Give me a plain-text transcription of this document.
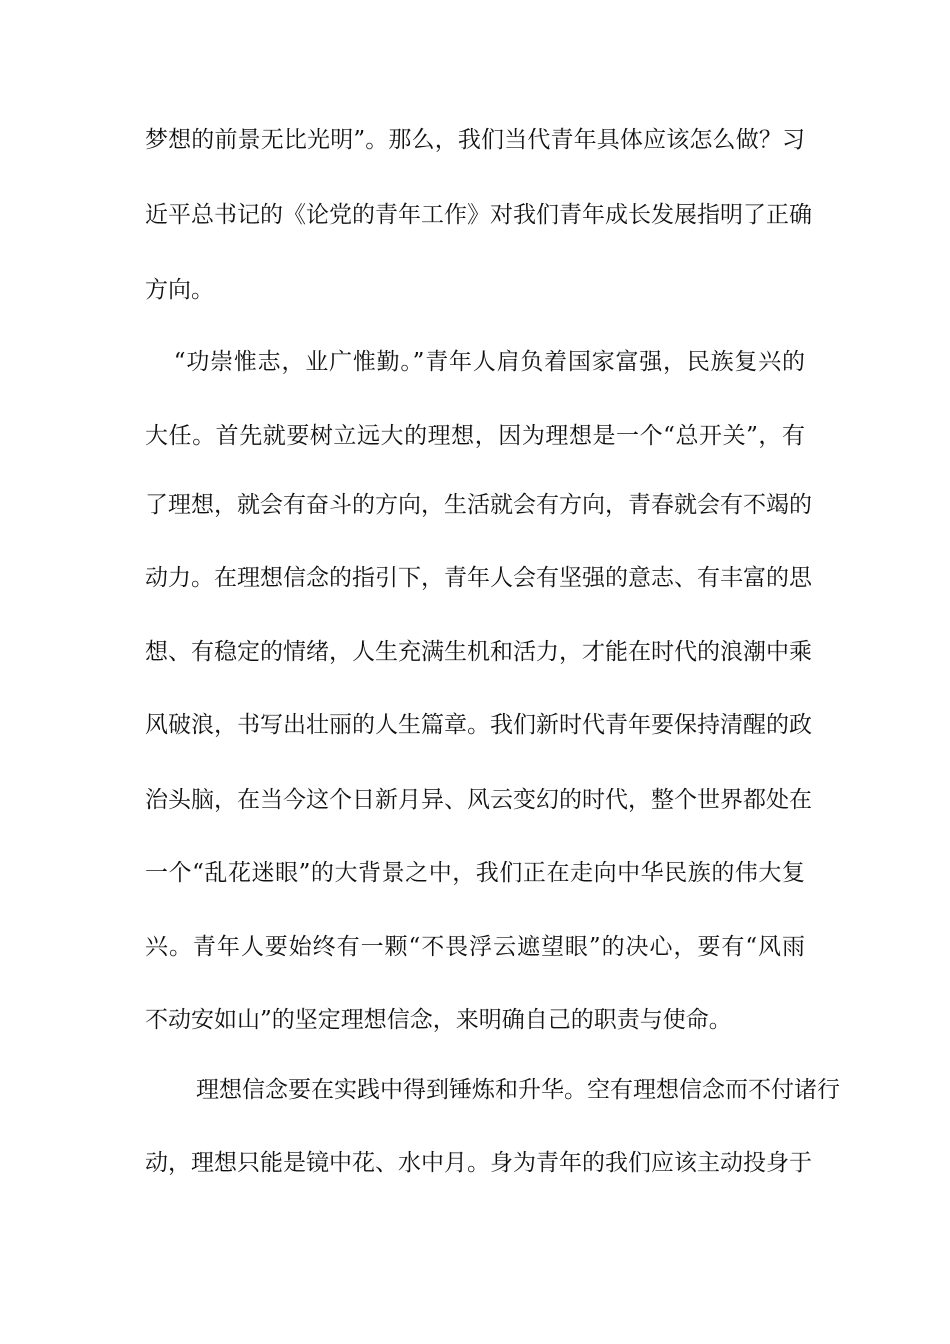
梦想的前景无比光明”。那么，我们当代青年具体应该怎么做？习
近平总书记的《论党的青年工作》对我们青年成长发展指明了正确
方向。
　“功崇惟志，业广惟勤。”青年人肩负着国家富强，民族复兴的
大任。首先就要树立远大的理想，因为理想是一个“总开关”，有
了理想，就会有奋斗的方向，生活就会有方向，青春就会有不竭的
动力。在理想信念的指引下，青年人会有坚强的意志、有丰富的思
想、有稳定的情绪，人生充满生机和活力，才能在时代的浪潮中乘
风破浪，书写出壮丽的人生篇章。我们新时代青年要保持清醒的政
治头脑，在当今这个日新月异、风云变幻的时代，整个世界都处在
一个“乱花迷眼”的大背景之中，我们正在走向中华民族的伟大复
兴。青年人要始终有一颗“不畏浮云遮望眼”的决心，要有“风雨
不动安如山”的坚定理想信念，来明确自己的职责与使命。
　　理想信念要在实践中得到锤炼和升华。空有理想信念而不付诸行
动，理想只能是镜中花、水中月。身为青年的我们应该主动投身于
